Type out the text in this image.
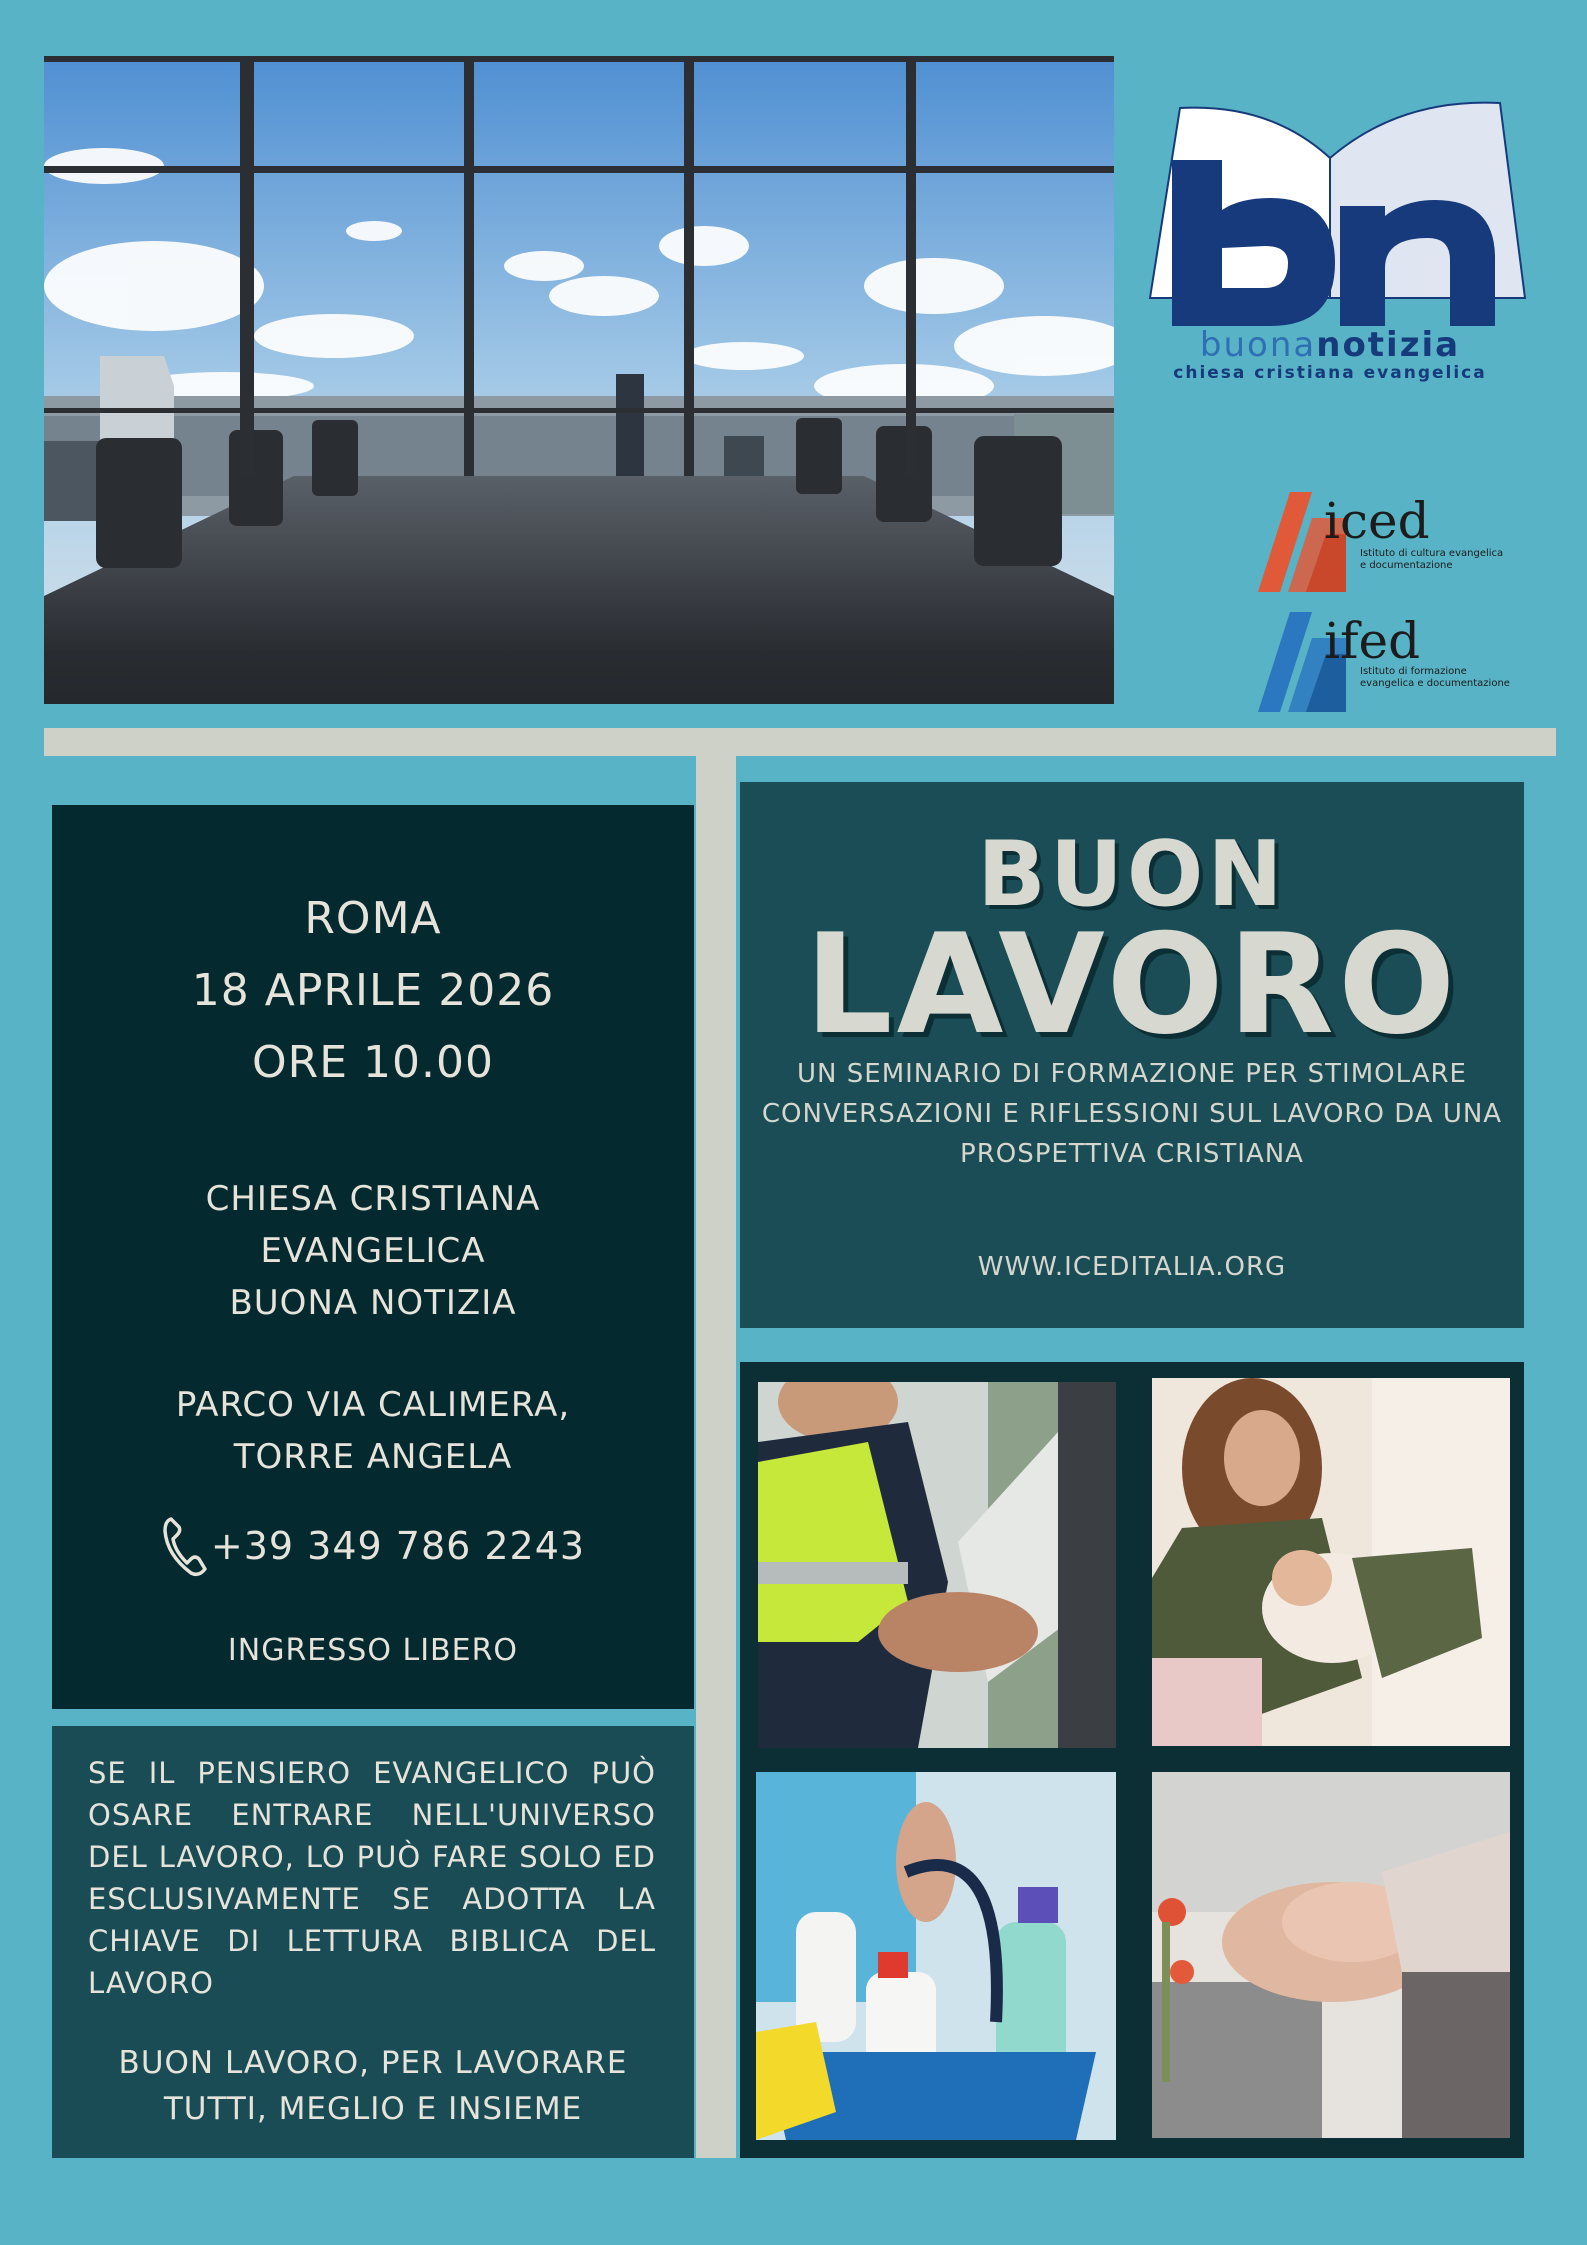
buonanotizia
chiesa cristiana evangelica
iced
Istituto di cultura evangelica
e documentazione
ifed
Istituto di formazione
evangelica e documentazione
ROMA
18 APRILE 2026
ORE 10.00
CHIESA CRISTIANA
EVANGELICA
BUONA NOTIZIA
PARCO VIA CALIMERA,
TORRE ANGELA
+39 349 786 2243
INGRESSO LIBERO
SE IL PENSIERO EVANGELICO PUÒ OSARE ENTRARE NELL'UNIVERSO DEL LAVORO, LO PUÒ FARE SOLO ED ESCLUSIVAMENTE SE ADOTTA LA CHIAVE DI LETTURA BIBLICA DEL LAVORO
BUON LAVORO, PER LAVORARE
TUTTI, MEGLIO E INSIEME
BUON
LAVORO
UN SEMINARIO DI FORMAZIONE PER STIMOLARE
CONVERSAZIONI E RIFLESSIONI SUL LAVORO DA UNA
PROSPETTIVA CRISTIANA
WWW.ICEDITALIA.ORG
